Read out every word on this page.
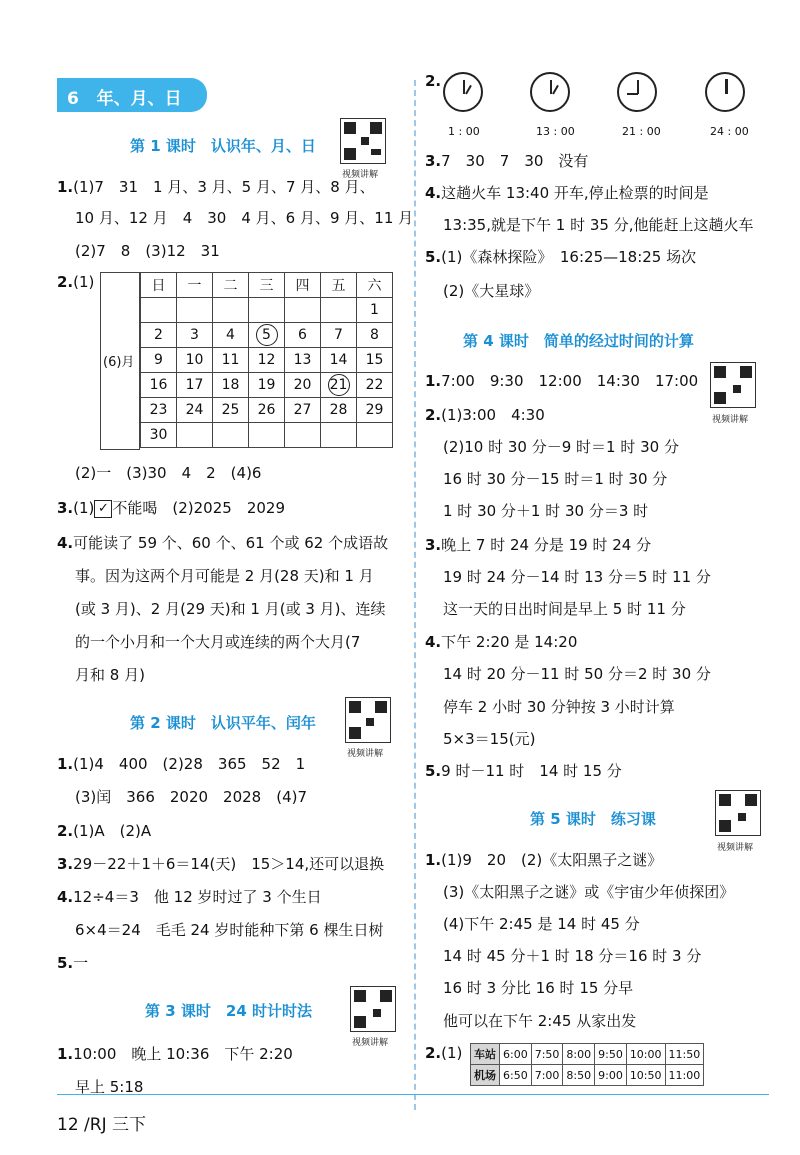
6 年、月、日
第 1 课时　认识年、月、日
视频讲解
1.(1)7　31　1 月、3 月、5 月、7 月、8 月、
10 月、12 月　4　30　4 月、6 月、9 月、11 月
(2)7　8　(3)12　31
2.(1)
(6)月
日	一	二	三	四	五	六
						1
2	3	4	5	6	7	8
9	10	11	12	13	14	15
16	17	18	19	20	21	22
23	24	25	26	27	28	29
30						
(2)一　(3)30　4　2　(4)6
3.(1) ✓ 不能喝　(2)2025　2029
4.可能读了 59 个、60 个、61 个或 62 个成语故
事。因为这两个月可能是 2 月(28 天)和 1 月
(或 3 月)、2 月(29 天)和 1 月(或 3 月)、连续
的一个小月和一个大月或连续的两个大月(7
月和 8 月)
第 2 课时　认识平年、闰年
视频讲解
1.(1)4　400　(2)28　365　52　1
(3)闰　366　2020　2028　(4)7
2.(1)A　(2)A
3.29－22＋1＋6＝14(天)　15＞14,还可以退换
4.12÷4＝3　他 12 岁时过了 3 个生日
6×4＝24　毛毛 24 岁时能种下第 6 棵生日树
5.一
第 3 课时　24 时计时法
视频讲解
1.10:00　晚上 10:36　下午 2:20
早上 5:18
2.
1 : 00	13 : 00	21 : 00	24 : 00
3.7　30　7　30　没有
4.这趟火车 13:40 开车,停止检票的时间是
13:35,就是下午 1 时 35 分,他能赶上这趟火车
5.(1)《森林探险》　16:25—18:25 场次
(2)《大星球》
第 4 课时　简单的经过时间的计算
视频讲解
1.7:00　9:30　12:00　14:30　17:00
2.(1)3:00　4:30
(2)10 时 30 分－9 时＝1 时 30 分
16 时 30 分－15 时＝1 时 30 分
1 时 30 分＋1 时 30 分＝3 时
3.晚上 7 时 24 分是 19 时 24 分
19 时 24 分－14 时 13 分＝5 时 11 分
这一天的日出时间是早上 5 时 11 分
4.下午 2:20 是 14:20
14 时 20 分－11 时 50 分＝2 时 30 分
停车 2 小时 30 分钟按 3 小时计算
5×3＝15(元)
5.9 时－11 时　14 时 15 分
第 5 课时　练习课
视频讲解
1.(1)9　20　(2)《太阳黑子之谜》
(3)《太阳黑子之谜》或《宇宙少年侦探团》
(4)下午 2:45 是 14 时 45 分
14 时 45 分＋1 时 18 分＝16 时 3 分
16 时 3 分比 16 时 15 分早
他可以在下午 2:45 从家出发
2.(1) 车站	6:00	7:50	8:00	9:50	10:00	11:50
机场	6:50	7:00	8:50	9:00	10:50	11:00
12 /RJ 三下
